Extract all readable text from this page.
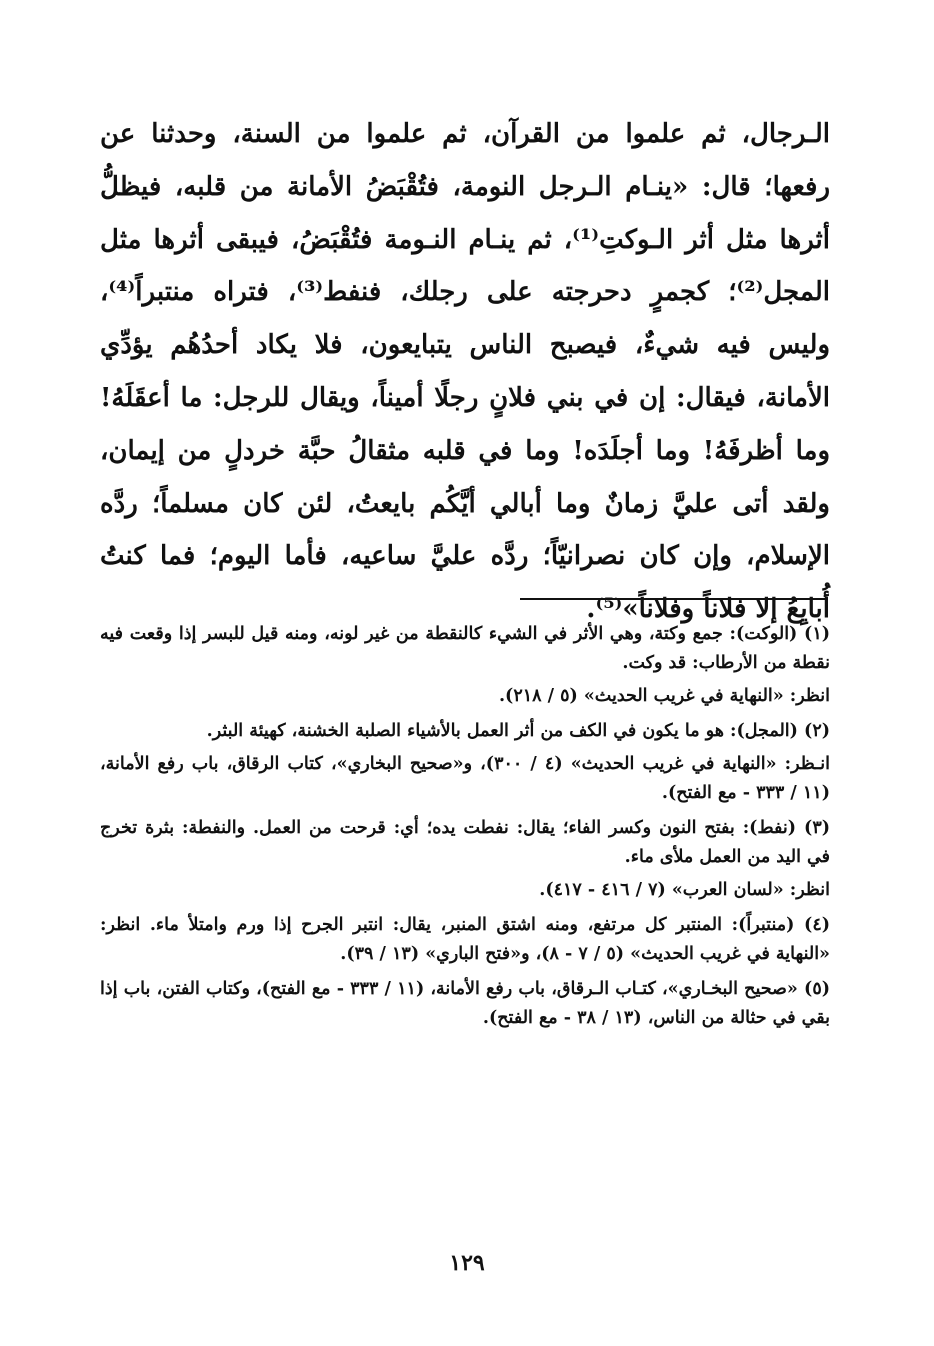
الـرجال، ثم علموا من القرآن، ثم علموا من السنة، وحدثنا عن رفعها؛ قال: «ينـام الـرجل النومة، فتُقْبَضُ الأمانة من قلبه، فيظلُّ أثرها مثل أثر الـوكتِ⁽¹⁾، ثم ينـام النـومة فتُقْبَضُ، فيبقى أثرها مثل المجل⁽²⁾؛ كجمرٍ دحرجته على رجلك، فنفط⁽³⁾، فتراه منتبراً⁽⁴⁾، وليس فيه شيءٌ، فيصبح الناس يتبايعون، فلا يكاد أحدُهُم يؤدِّي الأمانة، فيقال: إن في بني فلانٍ رجلًا أميناً، ويقال للرجل: ما أعقَلَهُ! وما أظرفَهُ! وما أجلَدَه! وما في قلبه مثقالُ حبَّة خردلٍ من إيمان، ولقد أتى عليَّ زمانٌ وما أبالي أيَّكُم بايعتُ، لئن كان مسلماً؛ ردَّه الإسلام، وإن كان نصرانيّاً؛ ردَّه عليَّ ساعيه، فأما اليوم؛ فما كنتُ أُبايِعُ إلا فلاناً وفلاناً»⁽⁵⁾.

(١) (الوكت): جمع وكتة، وهي الأثر في الشيء كالنقطة من غير لونه، ومنه قيل للبسر إذا وقعت فيه نقطة من الأرطاب: قد وكت.

انظر: «النهاية في غريب الحديث» (٥ / ٢١٨).

(٢) (المجل): هو ما يكون في الكف من أثر العمل بالأشياء الصلبة الخشنة، كهيئة البثر.

انـظر: «النهاية في غريب الحديث» (٤ / ٣٠٠)، و«صحيح البخاري»، كتاب الرقاق، باب رفع الأمانة، (١١ / ٣٣٣ - مع الفتح).

(٣) (نفط): بفتح النون وكسر الفاء؛ يقال: نفطت يده؛ أي: قرحت من العمل. والنفطة: بثرة تخرج في اليد من العمل ملأى ماء.

انظر: «لسان العرب» (٧ / ٤١٦ - ٤١٧).

(٤) (منتبراً): المنتبر كل مرتفع، ومنه اشتق المنبر، يقال: انتبر الجرح إذا ورم وامتلأ ماء. انظر: «النهاية في غريب الحديث» (٥ / ٧ - ٨)، و«فتح الباري» (١٣ / ٣٩).

(٥) «صحيح البخـاري»، كتـاب الـرقاق، باب رفع الأمانة، (١١ / ٣٣٣ - مع الفتح)، وكتاب الفتن، باب إذا بقي في حثالة من الناس، (١٣ / ٣٨ - مع الفتح).

١٢٩
